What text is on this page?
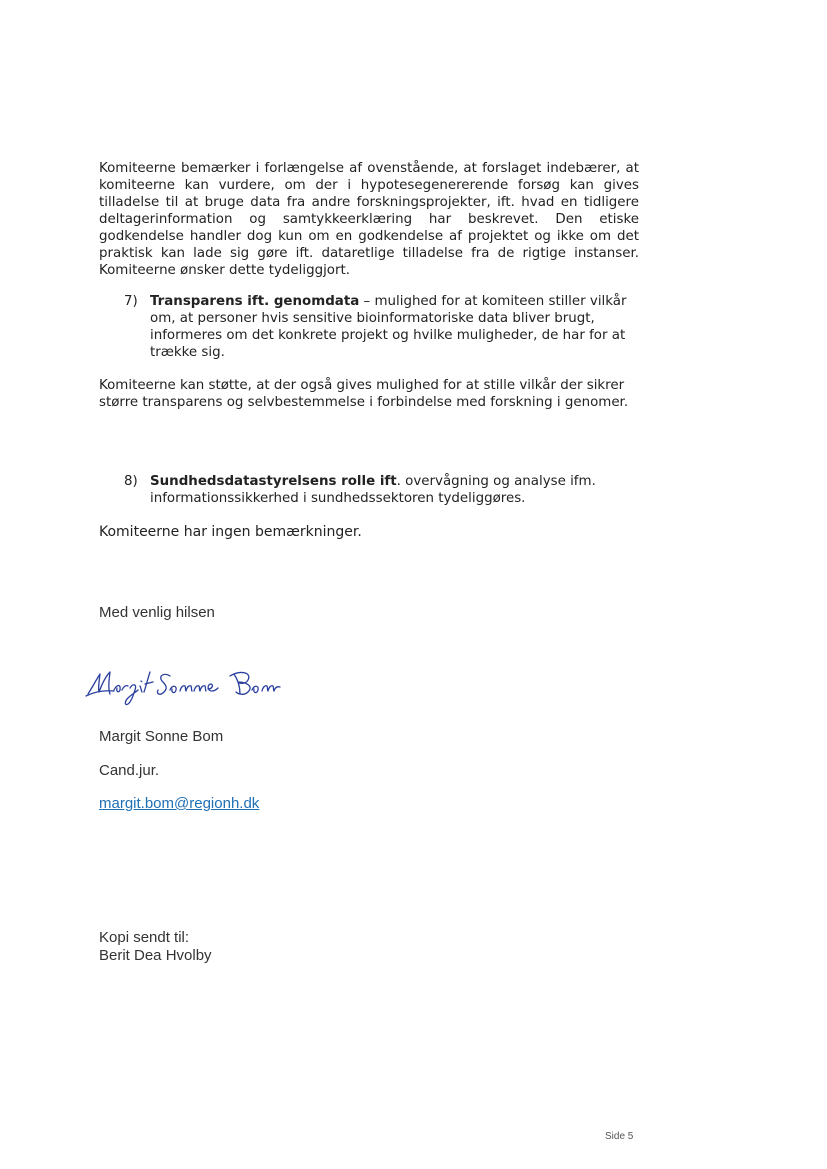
Komiteerne bemærker i forlængelse af ovenstående, at forslaget indebærer, at komiteerne kan vurdere, om der i hypotesegenererende forsøg kan gives tilladelse til at bruge data fra andre forskningsprojekter, ift. hvad en tidligere deltagerinformation og samtykkeerklæring har beskrevet. Den etiske godkendelse handler dog kun om en godkendelse af projektet og ikke om det praktisk kan lade sig gøre ift. dataretlige tilladelse fra de rigtige instanser. Komiteerne ønsker dette tydeliggjort.

7) Transparens ift. genomdata – mulighed for at komiteen stiller vilkår om, at personer hvis sensitive bioinformatoriske data bliver brugt, informeres om det konkrete projekt og hvilke muligheder, de har for at trække sig.

Komiteerne kan støtte, at der også gives mulighed for at stille vilkår der sikrer større transparens og selvbestemmelse i forbindelse med forskning i genomer.

8) Sundhedsdatastyrelsens rolle ift. overvågning og analyse ifm. informationssikkerhed i sundhedssektoren tydeliggøres.

Komiteerne har ingen bemærkninger.

Med venlig hilsen

Margit Sonne Bom

Cand.jur.

margit.bom@regionh.dk

Kopi sendt til:

Berit Dea Hvolby

Side 5
